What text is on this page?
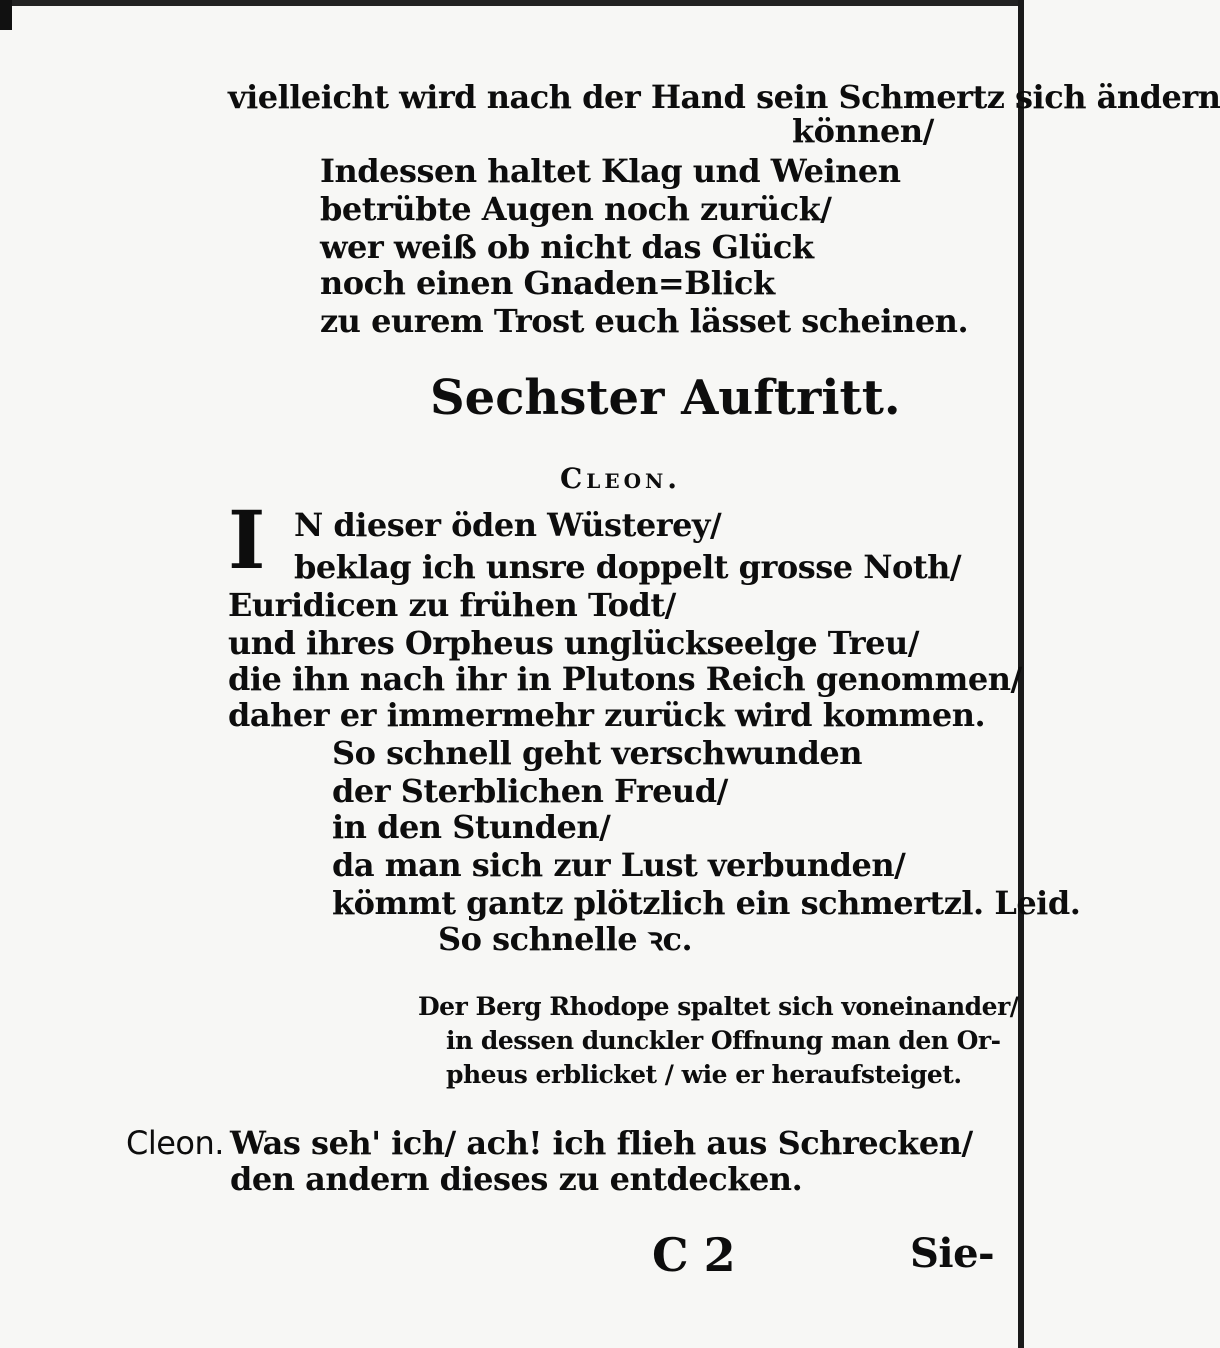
vielleicht wird nach der Hand sein Schmertz sich ändern
können/
Indessen haltet Klag und Weinen
betrübte Augen noch zurück/
wer weiß ob nicht das Glück
noch einen Gnaden=Blick
zu eurem Trost euch lässet scheinen.
Sechster Auftritt.
Cleon.
I N dieser öden Wüsterey/
beklag ich unsre doppelt grosse Noth/
Euridicen zu frühen Todt/
und ihres Orpheus unglückseelge Treu/
die ihn nach ihr in Plutons Reich genommen/
daher er immermehr zurück wird kommen.
So schnell geht verschwunden
der Sterblichen Freud/
in den Stunden/
da man sich zur Lust verbunden/
kömmt gantz plötzlich ein schmertzl. Leid.
So schnelle ꝛc.
Der Berg Rhodope spaltet sich voneinander/
in dessen dunckler Offnung man den Or-
pheus erblicket / wie er heraufsteiget.
Cleon. Was seh' ich/ ach! ich flieh aus Schrecken/
den andern dieses zu entdecken.
C 2	Sie-
